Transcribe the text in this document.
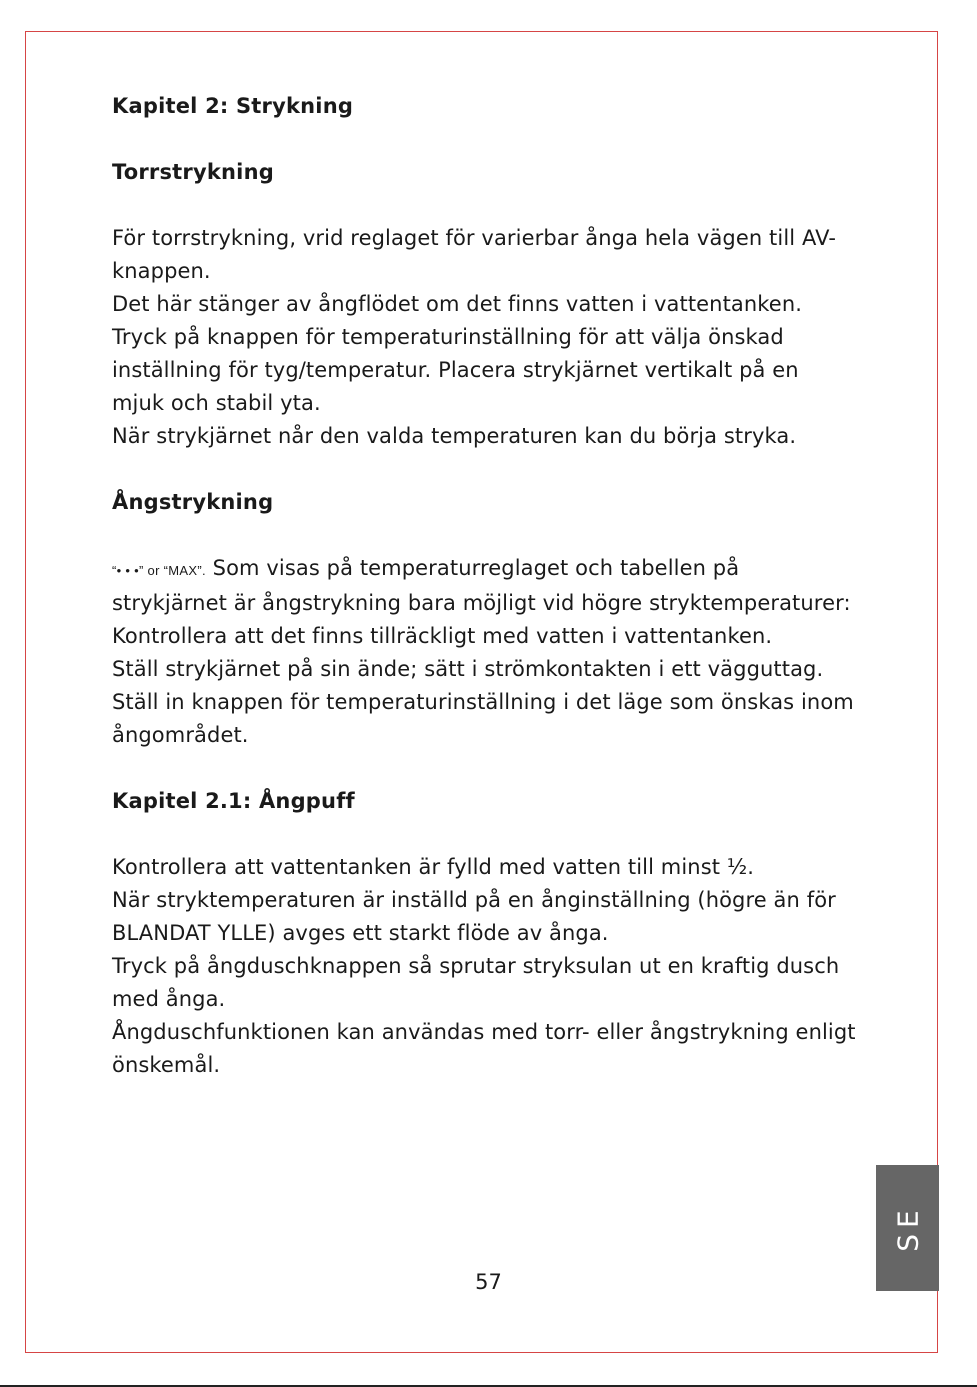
Kapitel 2: Strykning
Torrstrykning

För torrstrykning, vrid reglaget för varierbar ånga hela vägen till AV-

knappen.

Det här stänger av ångflödet om det finns vatten i vattentanken.

Tryck på knappen för temperaturinställning för att välja önskad

inställning för tyg/temperatur. Placera strykjärnet vertikalt på en

mjuk och stabil yta.

När strykjärnet når den valda temperaturen kan du börja stryka.

Ångstrykning

“• • •” or “MAX”. Som visas på temperaturreglaget och tabellen på

strykjärnet är ångstrykning bara möjligt vid högre stryktemperaturer:

Kontrollera att det finns tillräckligt med vatten i vattentanken.

Ställ strykjärnet på sin ände; sätt i strömkontakten i ett vägguttag.

Ställ in knappen för temperaturinställning i det läge som önskas inom

ångområdet.

Kapitel 2.1: Ångpuff

Kontrollera att vattentanken är fylld med vatten till minst ½.

När stryktemperaturen är inställd på en ånginställning (högre än för

BLANDAT YLLE) avges ett starkt flöde av ånga.

Tryck på ångduschknappen så sprutar stryksulan ut en kraftig dusch

med ånga.

Ångduschfunktionen kan användas med torr- eller ångstrykning enligt

önskemål.

SE
57
